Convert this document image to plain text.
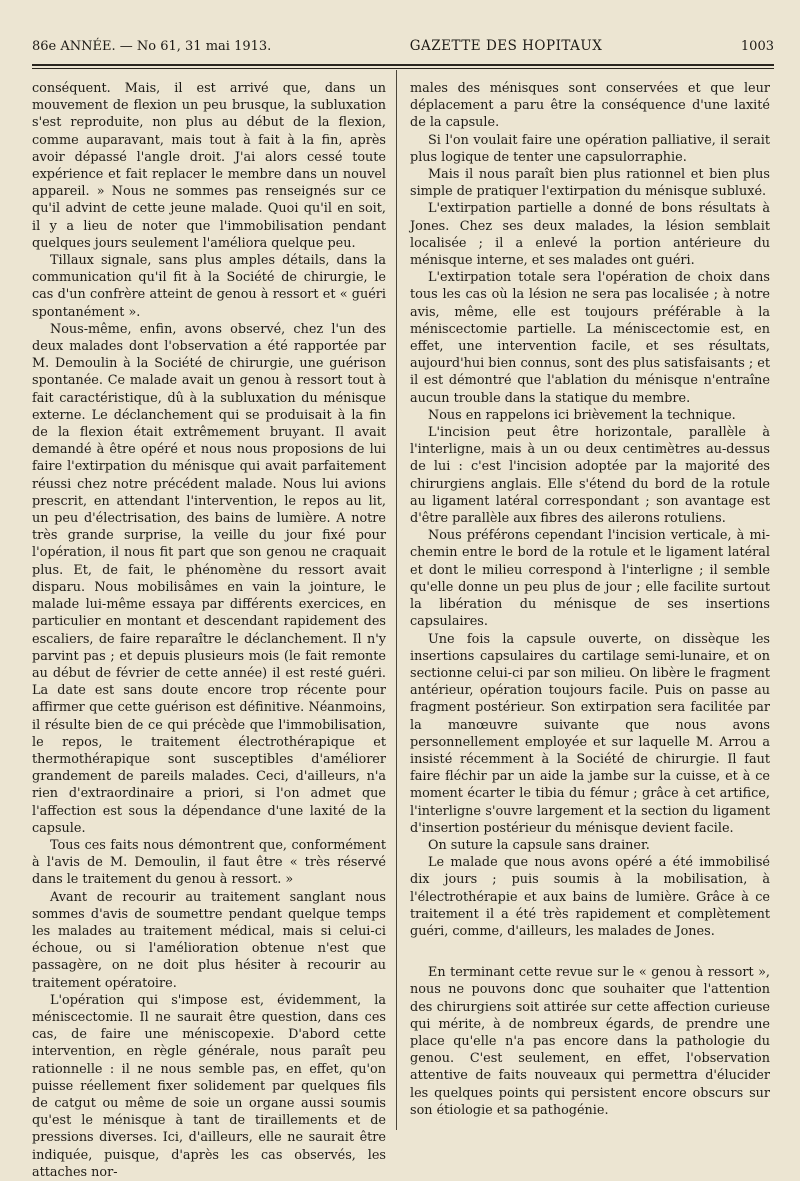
86e ANNÉE. — No 61, 31 mai 1913.	GAZETTE DES HOPITAUX	1003

conséquent. Mais, il est arrivé que, dans un mouvement de flexion un peu brusque, la subluxation s'est reproduite, non plus au début de la flexion, comme auparavant, mais tout à fait à la fin, après avoir dépassé l'angle droit. J'ai alors cessé toute expérience et fait replacer le membre dans un nouvel appareil. » Nous ne sommes pas renseignés sur ce qu'il advint de cette jeune malade. Quoi qu'il en soit, il y a lieu de noter que l'immobilisation pendant quelques jours seulement l'améliora quelque peu.

Tillaux signale, sans plus amples détails, dans la communication qu'il fit à la Société de chirurgie, le cas d'un confrère atteint de genou à ressort et « guéri spontanément ».

Nous-même, enfin, avons observé, chez l'un des deux malades dont l'observation a été rapportée par M. Demoulin à la Société de chirurgie, une guérison spontanée. Ce malade avait un genou à ressort tout à fait caractéristique, dû à la subluxation du ménisque externe. Le déclanchement qui se produisait à la fin de la flexion était extrêmement bruyant. Il avait demandé à être opéré et nous nous proposions de lui faire l'extirpation du ménisque qui avait parfaitement réussi chez notre précédent malade. Nous lui avions prescrit, en attendant l'intervention, le repos au lit, un peu d'électrisation, des bains de lumière. A notre très grande surprise, la veille du jour fixé pour l'opération, il nous fit part que son genou ne craquait plus. Et, de fait, le phénomène du ressort avait disparu. Nous mobilisâmes en vain la jointure, le malade lui-même essaya par différents exercices, en particulier en montant et descendant rapidement des escaliers, de faire reparaître le déclanchement. Il n'y parvint pas ; et depuis plusieurs mois (le fait remonte au début de février de cette année) il est resté guéri. La date est sans doute encore trop récente pour affirmer que cette guérison est définitive. Néanmoins, il résulte bien de ce qui précède que l'immobilisation, le repos, le traitement électrothérapique et thermothérapique sont susceptibles d'améliorer grandement de pareils malades. Ceci, d'ailleurs, n'a rien d'extraordinaire a priori, si l'on admet que l'affection est sous la dépendance d'une laxité de la capsule.

Tous ces faits nous démontrent que, conformément à l'avis de M. Demoulin, il faut être « très réservé dans le traitement du genou à ressort. »

Avant de recourir au traitement sanglant nous sommes d'avis de soumettre pendant quelque temps les malades au traitement médical, mais si celui-ci échoue, ou si l'amélioration obtenue n'est que passagère, on ne doit plus hésiter à recourir au traitement opératoire.

L'opération qui s'impose est, évidemment, la méniscectomie. Il ne saurait être question, dans ces cas, de faire une méniscopexie. D'abord cette intervention, en règle générale, nous paraît peu rationnelle : il ne nous semble pas, en effet, qu'on puisse réellement fixer solidement par quelques fils de catgut ou même de soie un organe aussi soumis qu'est le ménisque à tant de tiraillements et de pressions diverses. Ici, d'ailleurs, elle ne saurait être indiquée, puisque, d'après les cas observés, les attaches nor-

males des ménisques sont conservées et que leur déplacement a paru être la conséquence d'une laxité de la capsule.

Si l'on voulait faire une opération palliative, il serait plus logique de tenter une capsulorraphie.

Mais il nous paraît bien plus rationnel et bien plus simple de pratiquer l'extirpation du ménisque subluxé.

L'extirpation partielle a donné de bons résultats à Jones. Chez ses deux malades, la lésion semblait localisée ; il a enlevé la portion antérieure du ménisque interne, et ses malades ont guéri.

L'extirpation totale sera l'opération de choix dans tous les cas où la lésion ne sera pas localisée ; à notre avis, même, elle est toujours préférable à la méniscectomie partielle. La méniscectomie est, en effet, une intervention facile, et ses résultats, aujourd'hui bien connus, sont des plus satisfaisants ; et il est démontré que l'ablation du ménisque n'entraîne aucun trouble dans la statique du membre.

Nous en rappelons ici brièvement la technique.

L'incision peut être horizontale, parallèle à l'interligne, mais à un ou deux centimètres au-dessus de lui : c'est l'incision adoptée par la majorité des chirurgiens anglais. Elle s'étend du bord de la rotule au ligament latéral correspondant ; son avantage est d'être parallèle aux fibres des ailerons rotuliens.

Nous préférons cependant l'incision verticale, à mi-chemin entre le bord de la rotule et le ligament latéral et dont le milieu correspond à l'interligne ; il semble qu'elle donne un peu plus de jour ; elle facilite surtout la libération du ménisque de ses insertions capsulaires.

Une fois la capsule ouverte, on dissèque les insertions capsulaires du cartilage semi-lunaire, et on sectionne celui-ci par son milieu. On libère le fragment antérieur, opération toujours facile. Puis on passe au fragment postérieur. Son extirpation sera facilitée par la manœuvre suivante que nous avons personnellement employée et sur laquelle M. Arrou a insisté récemment à la Société de chirurgie. Il faut faire fléchir par un aide la jambe sur la cuisse, et à ce moment écarter le tibia du fémur ; grâce à cet artifice, l'interligne s'ouvre largement et la section du ligament d'insertion postérieur du ménisque devient facile.

On suture la capsule sans drainer.

Le malade que nous avons opéré a été immobilisé dix jours ; puis soumis à la mobilisation, à l'électrothérapie et aux bains de lumière. Grâce à ce traitement il a été très rapidement et complètement guéri, comme, d'ailleurs, les malades de Jones.

En terminant cette revue sur le « genou à ressort », nous ne pouvons donc que souhaiter que l'attention des chirurgiens soit attirée sur cette affection curieuse qui mérite, à de nombreux égards, de prendre une place qu'elle n'a pas encore dans la pathologie du genou. C'est seulement, en effet, l'observation attentive de faits nouveaux qui permettra d'élucider les quelques points qui persistent encore obscurs sur son étiologie et sa pathogénie.
